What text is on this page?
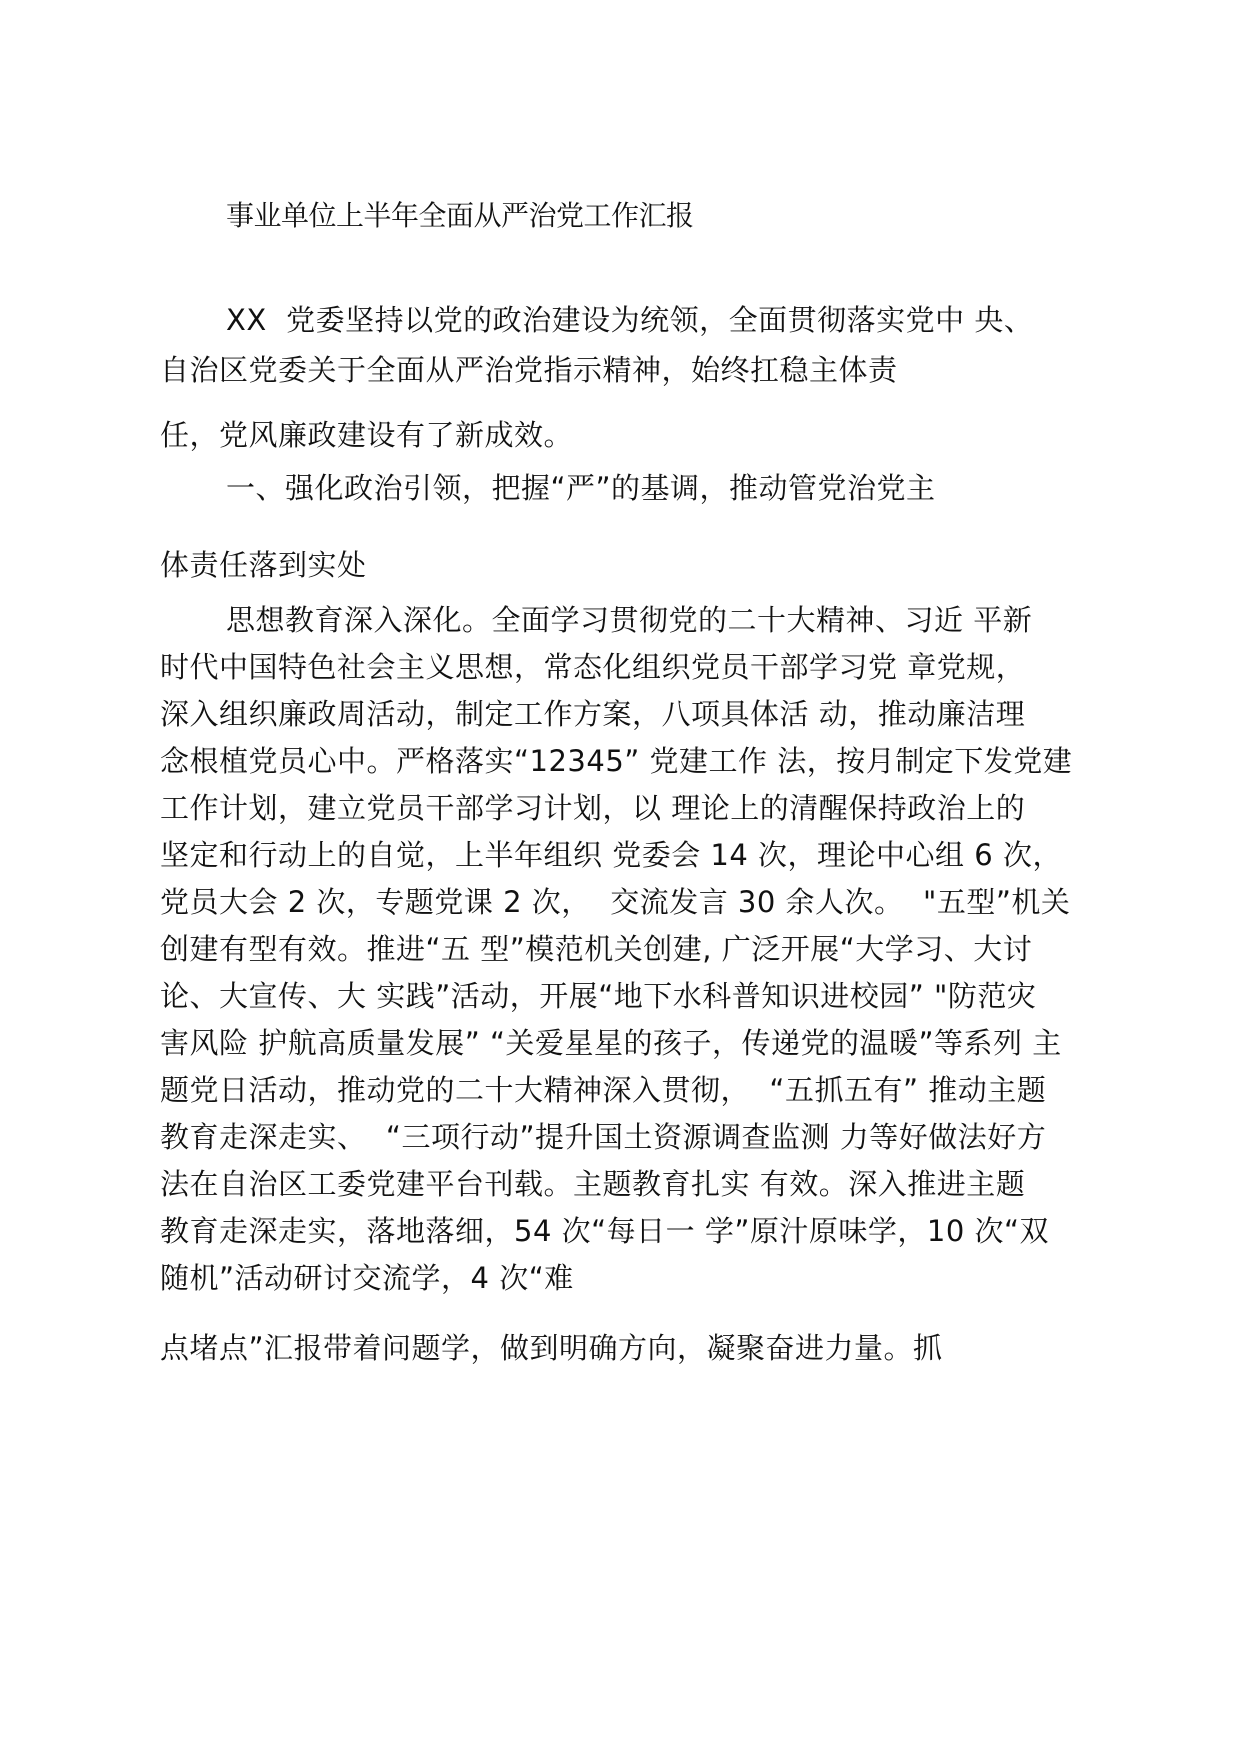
事业单位上半年全面从严治党工作汇报
XX  党委坚持以党的政治建设为统领，全面贯彻落实党中 央、
自治区党委关于全面从严治党指示精神，始终扛稳主体责
任，党风廉政建设有了新成效。
一、强化政治引领，把握“严”的基调，推动管党治党主
体责任落到实处
思想教育深入深化。全面学习贯彻党的二十大精神、习近 平新
时代中国特色社会主义思想，常态化组织党员干部学习党 章党规，
深入组织廉政周活动，制定工作方案，八项具体活 动，推动廉洁理
念根植党员心中。严格落实“12345” 党建工作 法，按月制定下发党建
工作计划，建立党员干部学习计划，以 理论上的清醒保持政治上的
坚定和行动上的自觉，上半年组织 党委会 14 次，理论中心组 6 次，
党员大会 2 次，专题党课 2 次，  交流发言 30 余人次。  "五型”机关
创建有型有效。推进“五 型”模范机关创建, 广泛开展“大学习、大讨
论、大宣传、大 实践”活动，开展“地下水科普知识进校园” "防范灾
害风险 护航高质量发展” “关爱星星的孩子，传递党的温暖”等系列 主
题党日活动，推动党的二十大精神深入贯彻，  “五抓五有” 推动主题
教育走深走实、  “三项行动”提升国土资源调查监测 力等好做法好方
法在自治区工委党建平台刊载。主题教育扎实 有效。深入推进主题
教育走深走实，落地落细，54 次“每日一 学”原汁原味学，10 次“双
随机”活动研讨交流学，4 次“难
点堵点”汇报带着问题学，做到明确方向，凝聚奋进力量。抓
